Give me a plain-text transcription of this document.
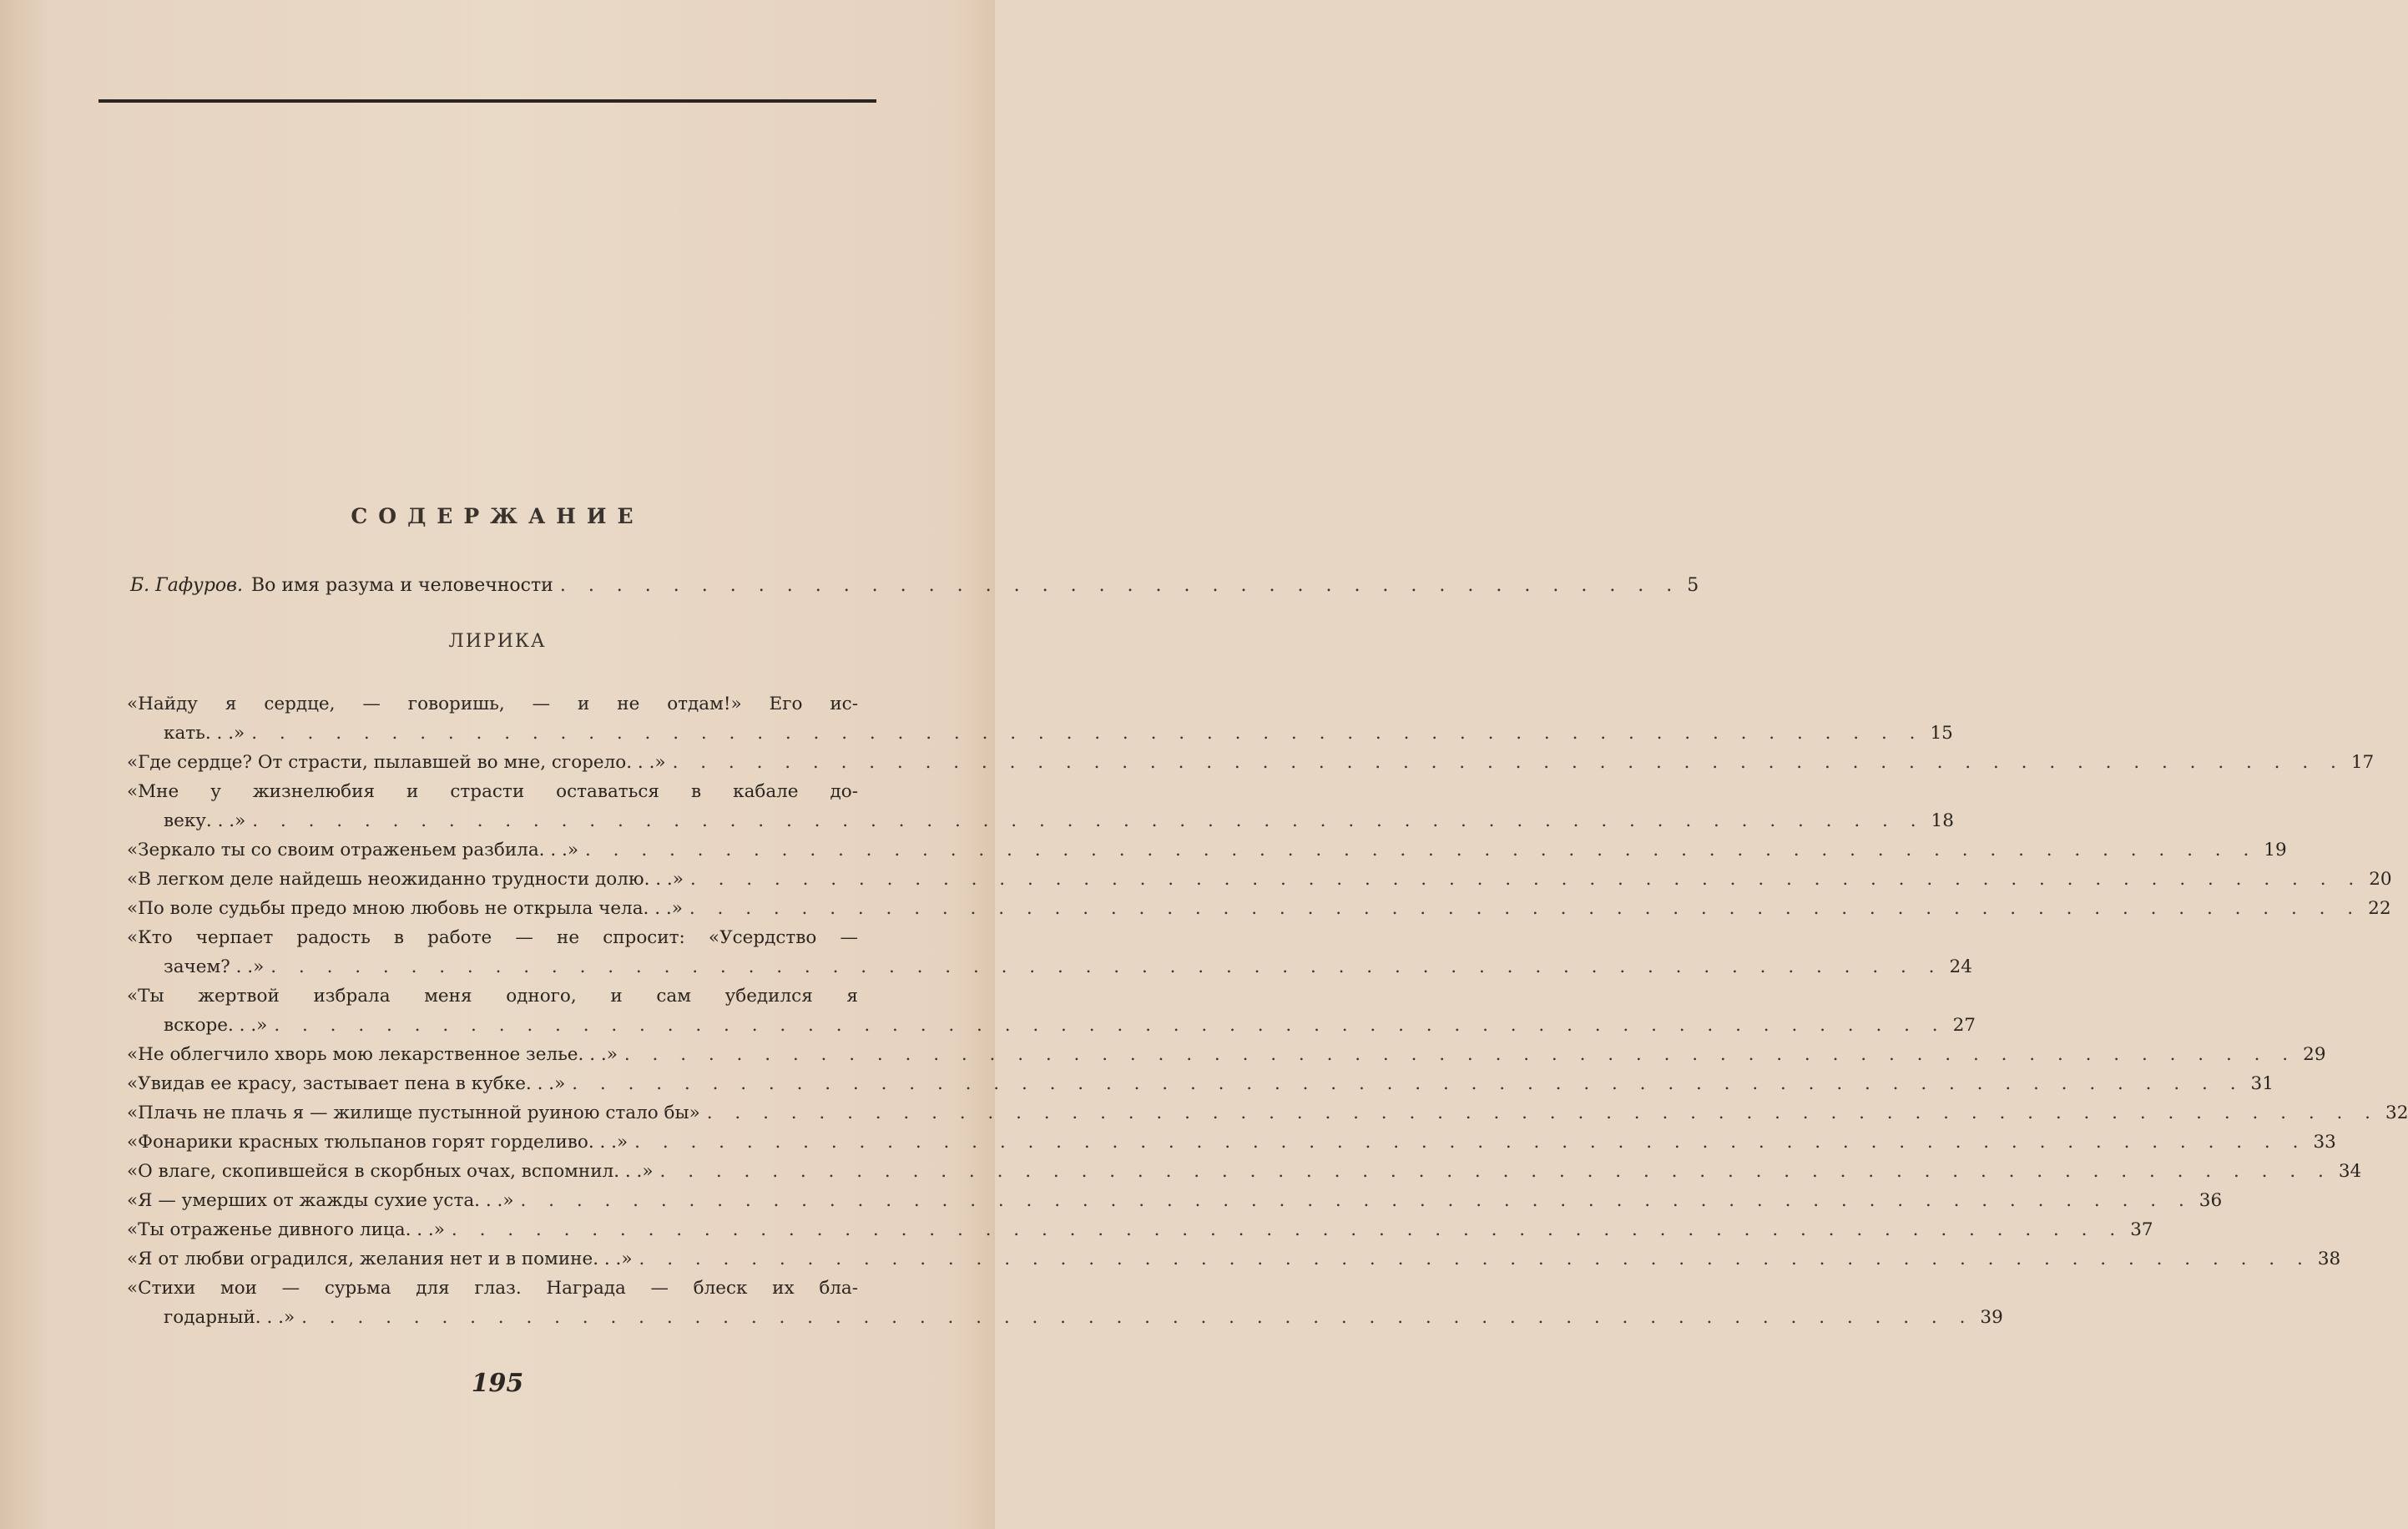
СОДЕРЖАНИЕ
Б. Гафуров. Во имя разума и человечности . . . . . . . . . . . . . . . . . . . . . . . . . . . . . . . . . . . . . . . . 5
ЛИРИКА
«Найду я сердце, — говоришь, — и не отдам!» Его ис-
кать. . .» . . . . . . . . . . . . . . . . . . . . . . . . . . . . . . . . . . . . . . . . . . . . . . . . . . . . . . . . . . . . 15
«Где сердце? От страсти, пылавшей во мне, сгорело. . .» . . . . . . . . . . . . . . . . . . . . . . . . . . . . . . . . . . . . . . . . . . . . . . . . . . . . . . . . . . . . 17
«Мне у жизнелюбия и страсти оставаться в кабале до-
веку. . .» . . . . . . . . . . . . . . . . . . . . . . . . . . . . . . . . . . . . . . . . . . . . . . . . . . . . . . . . . . . . 18
«Зеркало ты со своим отраженьем разбила. . .» . . . . . . . . . . . . . . . . . . . . . . . . . . . . . . . . . . . . . . . . . . . . . . . . . . . . . . . . . . . . 19
«В легком деле найдешь неожиданно трудности долю. . .» . . . . . . . . . . . . . . . . . . . . . . . . . . . . . . . . . . . . . . . . . . . . . . . . . . . . . . . . . . . . 20
«По воле судьбы предо мною любовь не открыла чела. . .» . . . . . . . . . . . . . . . . . . . . . . . . . . . . . . . . . . . . . . . . . . . . . . . . . . . . . . . . . . . . 22
«Кто черпает радость в работе — не спросит: «Усердство —
зачем? . .» . . . . . . . . . . . . . . . . . . . . . . . . . . . . . . . . . . . . . . . . . . . . . . . . . . . . . . . . . . . . 24
«Ты жертвой избрала меня одного, и сам убедился я
вскоре. . .» . . . . . . . . . . . . . . . . . . . . . . . . . . . . . . . . . . . . . . . . . . . . . . . . . . . . . . . . . . . . 27
«Не облегчило хворь мою лекарственное зелье. . .» . . . . . . . . . . . . . . . . . . . . . . . . . . . . . . . . . . . . . . . . . . . . . . . . . . . . . . . . . . . . 29
«Увидав ее красу, застывает пена в кубке. . .» . . . . . . . . . . . . . . . . . . . . . . . . . . . . . . . . . . . . . . . . . . . . . . . . . . . . . . . . . . . . 31
«Плачь не плачь я — жилище пустынной руиною стало бы» . . . . . . . . . . . . . . . . . . . . . . . . . . . . . . . . . . . . . . . . . . . . . . . . . . . . . . . . . . . . 32
«Фонарики красных тюльпанов горят горделиво. . .» . . . . . . . . . . . . . . . . . . . . . . . . . . . . . . . . . . . . . . . . . . . . . . . . . . . . . . . . . . . . 33
«О влаге, скопившейся в скорбных очах, вспомнил. . .» . . . . . . . . . . . . . . . . . . . . . . . . . . . . . . . . . . . . . . . . . . . . . . . . . . . . . . . . . . . . 34
«Я — умерших от жажды сухие уста. . .» . . . . . . . . . . . . . . . . . . . . . . . . . . . . . . . . . . . . . . . . . . . . . . . . . . . . . . . . . . . . 36
«Ты отраженье дивного лица. . .» . . . . . . . . . . . . . . . . . . . . . . . . . . . . . . . . . . . . . . . . . . . . . . . . . . . . . . . . . . . . 37
«Я от любви оградился, желания нет и в помине. . .» . . . . . . . . . . . . . . . . . . . . . . . . . . . . . . . . . . . . . . . . . . . . . . . . . . . . . . . . . . . . 38
«Стихи мои — сурьма для глаз. Награда — блеск их бла-
годарный. . .» . . . . . . . . . . . . . . . . . . . . . . . . . . . . . . . . . . . . . . . . . . . . . . . . . . . . . . . . . . . . 39
195
